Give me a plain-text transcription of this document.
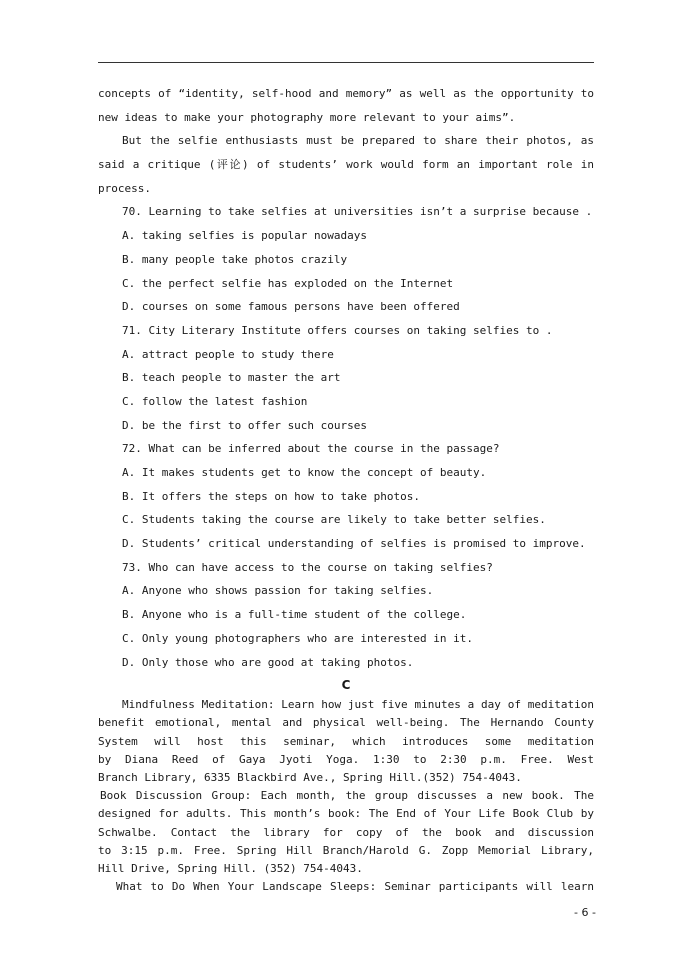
concepts of “identity, self-hood and memory” as well as the opportunity to
new ideas to make your photography more relevant to your aims”.
But the selfie enthusiasts must be prepared to share their photos, as
said a critique (评论) of students’ work would form an important role in
process.
70. Learning to take selfies at universities isn’t a surprise because .
A. taking selfies is popular nowadays
B. many people take photos crazily
C. the perfect selfie has exploded on the Internet
D. courses on some famous persons have been offered
71. City Literary Institute offers courses on taking selfies to .
A. attract people to study there
B. teach people to master the art
C. follow the latest fashion
D. be the first to offer such courses
72. What can be inferred about the course in the passage?
A. It makes students get to know the concept of beauty.
B. It offers the steps on how to take photos.
C. Students taking the course are likely to take better selfies.
D. Students’ critical understanding of selfies is promised to improve.
73. Who can have access to the course on taking selfies?
A. Anyone who shows passion for taking selfies.
B. Anyone who is a full-time student of the college.
C. Only young photographers who are interested in it.
D. Only those who are good at taking photos.
C
Mindfulness Meditation: Learn how just five minutes a day of meditation
benefit emotional, mental and physical well-being. The Hernando County
System will host this seminar, which introduces some meditation
by Diana Reed of Gaya Jyoti Yoga. 1:30 to 2:30 p.m. Free. West
Branch Library, 6335 Blackbird Ave., Spring Hill.(352) 754-4043.
Book Discussion Group: Each month, the group discusses a new book. The
designed for adults. This month’s book: The End of Your Life Book Club by
Schwalbe. Contact the library for copy of the book and discussion
to 3:15 p.m. Free. Spring Hill Branch/Harold G. Zopp Memorial Library,
Hill Drive, Spring Hill. (352) 754-4043.
What to Do When Your Landscape Sleeps: Seminar participants will learn
- 6 -
